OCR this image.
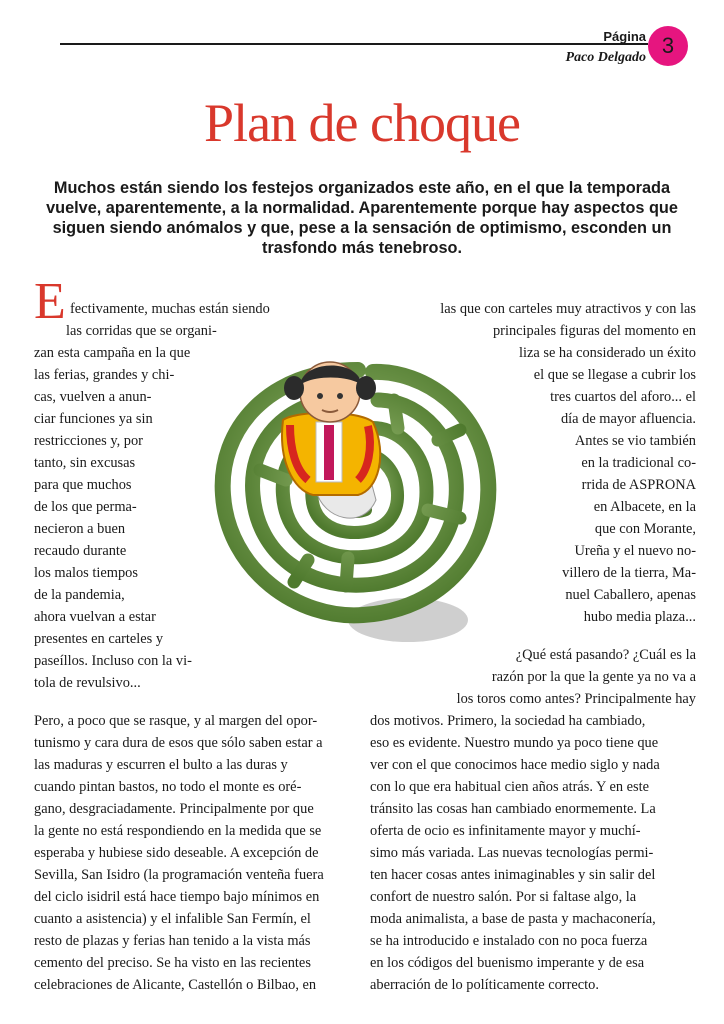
Página
Paco Delgado 3
Plan de choque
Muchos están siendo los festejos organizados este año, en el que la temporada vuelve, aparentemente, a la normalidad. Aparentemente porque hay aspectos que siguen siendo anómalos y que, pese a la sensación de optimismo, esconden un trasfondo más tenebroso.
E fectivamente, muchas están siendo
las corridas que se organi-
zan esta campaña en la que
las ferias, grandes y chi-
cas, vuelven a anun-
ciar funciones ya sin
restricciones y, por
tanto, sin excusas
para que muchos
de los que perma-
necieron a buen
recaudo durante
los malos tiempos
de la pandemia,
ahora vuelvan a estar
presentes en carteles y
paseíllos. Incluso con la vi-
tola de revulsivo...
Pero, a poco que se rasque, y al margen del opor-
tunismo y cara dura de esos que sólo saben estar a
las maduras y escurren el bulto a las duras y
cuando pintan bastos, no todo el monte es oré-
gano, desgraciadamente. Principalmente por que
la gente no está respondiendo en la medida que se
esperaba y hubiese sido deseable. A excepción de
Sevilla, San Isidro (la programación venteña fuera
del ciclo isidril está hace tiempo bajo mínimos en
cuanto a asistencia) y el infalible San Fermín, el
resto de plazas y ferias han tenido a la vista más
cemento del preciso. Se ha visto en las recientes
celebraciones de Alicante, Castellón o Bilbao, en
las que con carteles muy atractivos y con las
principales figuras del momento en
liza se ha considerado un éxito
el que se llegase a cubrir los
tres cuartos del aforo... el
día de mayor afluencia.
Antes se vio también
en la tradicional co-
rrida de ASPRONA
en Albacete, en la
que con Morante,
Ureña y el nuevo no-
villero de la tierra, Ma-
nuel Caballero, apenas
hubo media plaza...
¿Qué está pasando? ¿Cuál es la
razón por la que la gente ya no va a
los toros como antes? Principalmente hay
dos motivos. Primero, la sociedad ha cambiado,
eso es evidente. Nuestro mundo ya poco tiene que
ver con el que conocimos hace medio siglo y nada
con lo que era habitual cien años atrás. Y en este
tránsito las cosas han cambiado enormemente. La
oferta de ocio es infinitamente mayor y muchí-
simo más variada. Las nuevas tecnologías permi-
ten hacer cosas antes inimaginables y sin salir del
confort de nuestro salón. Por si faltase algo, la
moda animalista, a base de pasta y machaconería,
se ha introducido e instalado con no poca fuerza
en los códigos del buenismo imperante y de esa
aberración de lo políticamente correcto.
